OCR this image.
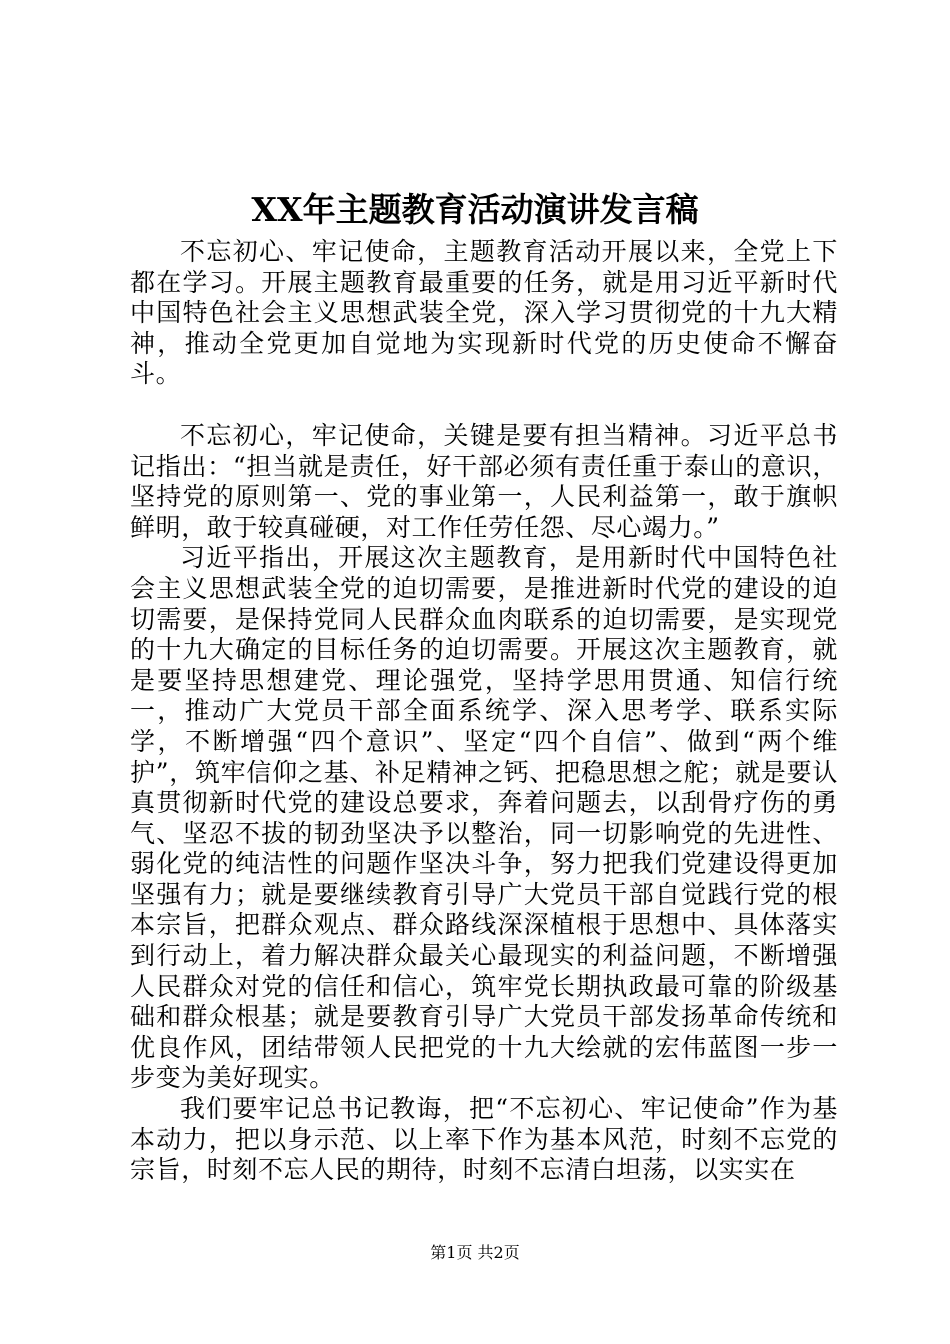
XX年主题教育活动演讲发言稿

不忘初心、牢记使命，主题教育活动开展以来，全党上下都在学习。开展主题教育最重要的任务，就是用习近平新时代中国特色社会主义思想武装全党，深入学习贯彻党的十九大精神，推动全党更加自觉地为实现新时代党的历史使命不懈奋斗。

不忘初心，牢记使命，关键是要有担当精神。习近平总书记指出：“担当就是责任，好干部必须有责任重于泰山的意识，坚持党的原则第一、党的事业第一，人民利益第一，敢于旗帜鲜明，敢于较真碰硬，对工作任劳任怨、尽心竭力。”

习近平指出，开展这次主题教育，是用新时代中国特色社会主义思想武装全党的迫切需要，是推进新时代党的建设的迫切需要，是保持党同人民群众血肉联系的迫切需要，是实现党的十九大确定的目标任务的迫切需要。开展这次主题教育，就是要坚持思想建党、理论强党，坚持学思用贯通、知信行统一，推动广大党员干部全面系统学、深入思考学、联系实际学，不断增强“四个意识”、坚定“四个自信”、做到“两个维护”，筑牢信仰之基、补足精神之钙、把稳思想之舵；就是要认真贯彻新时代党的建设总要求，奔着问题去，以刮骨疗伤的勇气、坚忍不拔的韧劲坚决予以整治，同一切影响党的先进性、弱化党的纯洁性的问题作坚决斗争，努力把我们党建设得更加坚强有力；就是要继续教育引导广大党员干部自觉践行党的根本宗旨，把群众观点、群众路线深深植根于思想中、具体落实到行动上，着力解决群众最关心最现实的利益问题，不断增强人民群众对党的信任和信心，筑牢党长期执政最可靠的阶级基础和群众根基；就是要教育引导广大党员干部发扬革命传统和优良作风，团结带领人民把党的十九大绘就的宏伟蓝图一步一步变为美好现实。

我们要牢记总书记教诲，把“不忘初心、牢记使命”作为基本动力，把以身示范、以上率下作为基本风范，时刻不忘党的宗旨，时刻不忘人民的期待，时刻不忘清白坦荡，以实实在

第1页 共2页
